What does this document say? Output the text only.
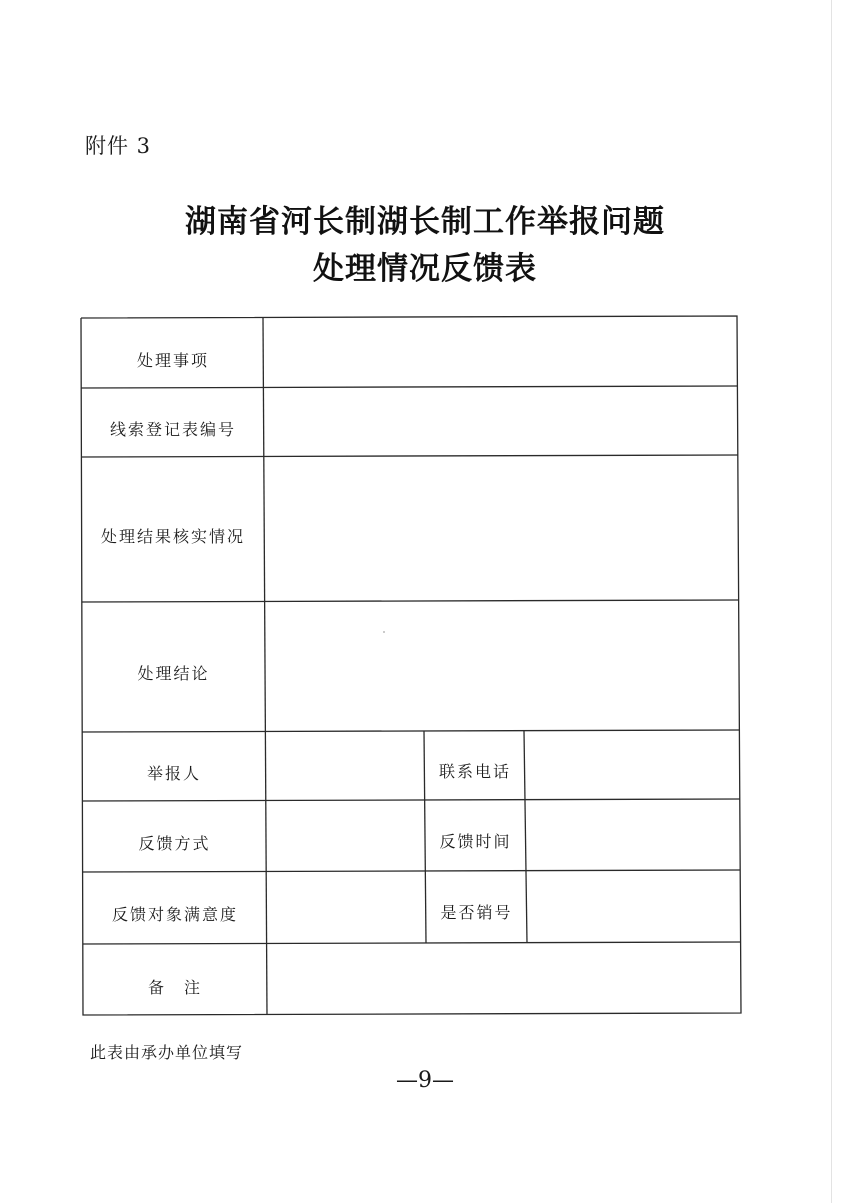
附件 3
湖南省河长制湖长制工作举报问题
处理情况反馈表
处理事项
线索登记表编号
处理结果核实情况
处理结论
举报人	联系电话
反馈方式	反馈时间
反馈对象满意度	是否销号
备　注
此表由承办单位填写
—9—
